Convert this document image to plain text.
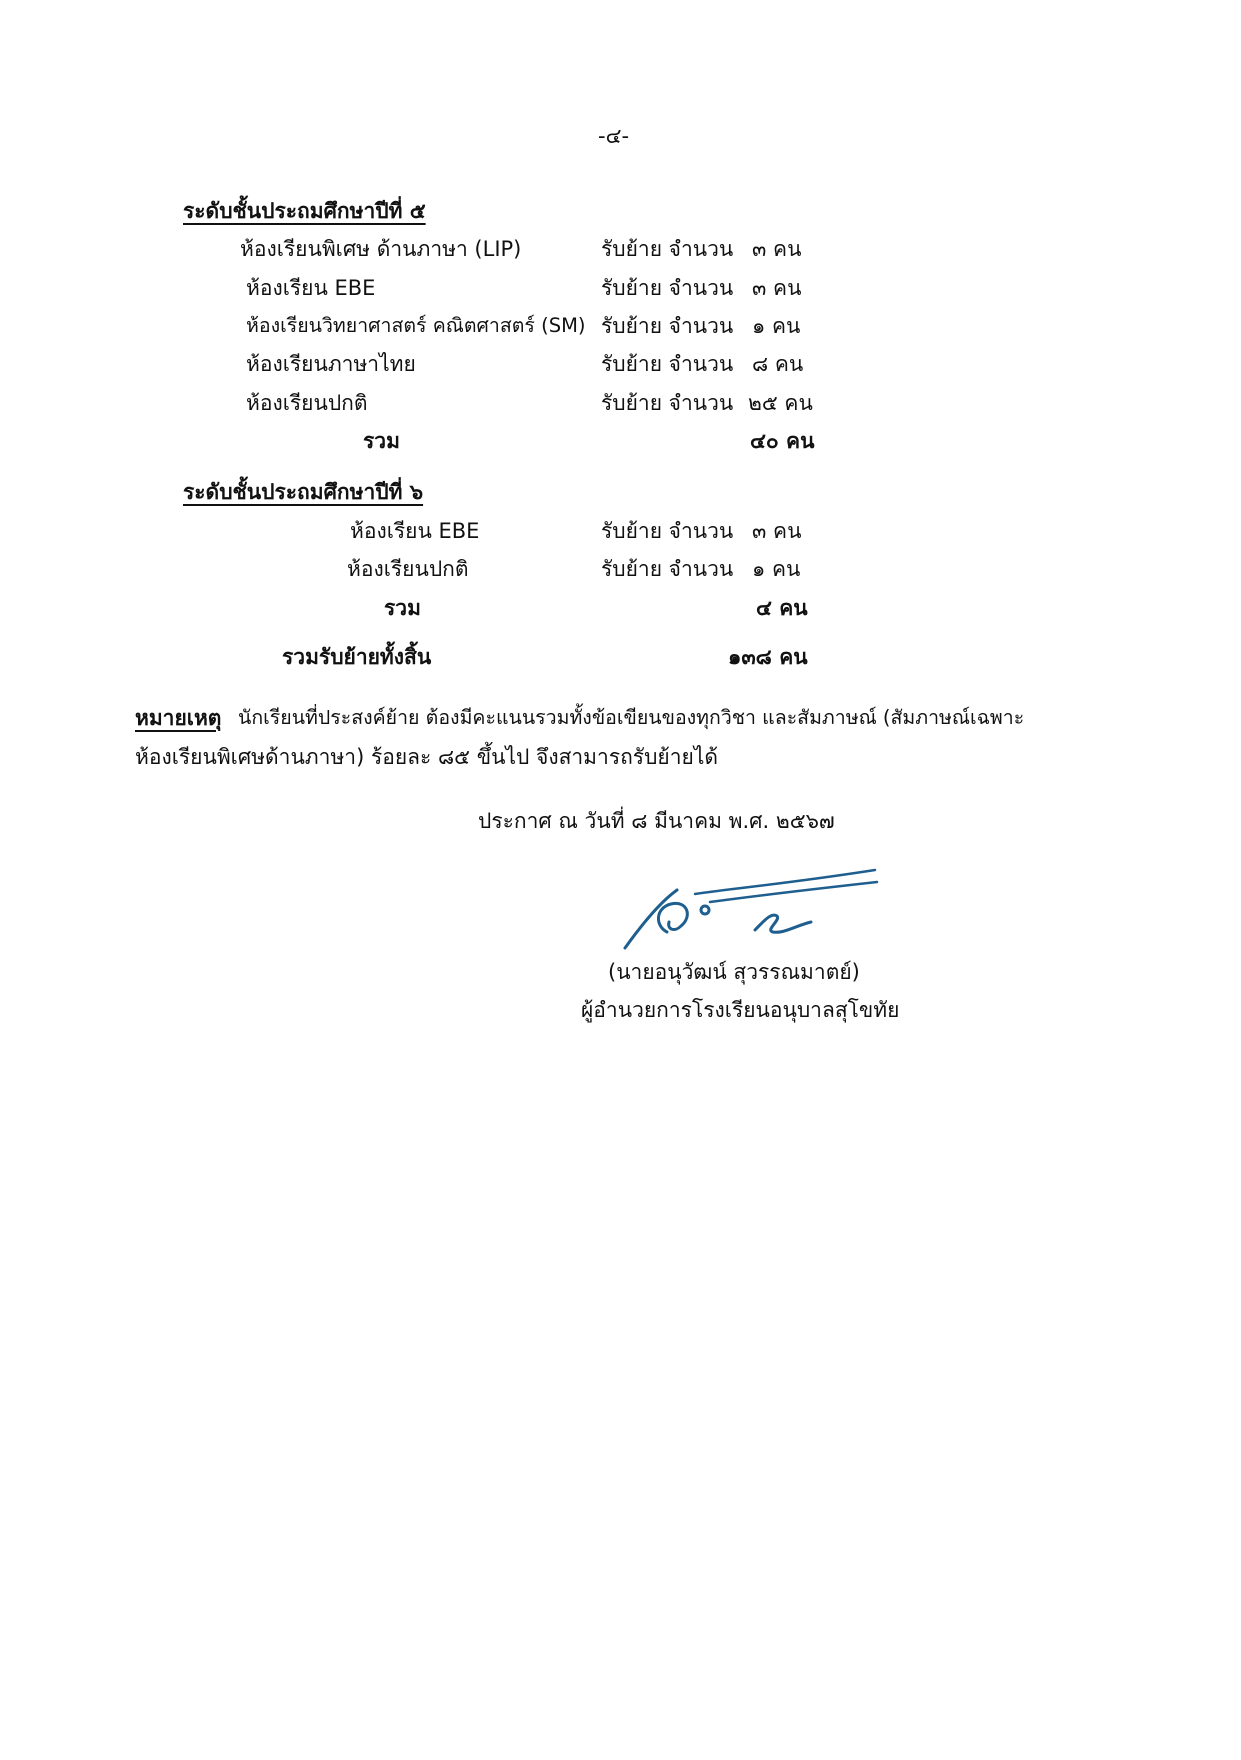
-๔-
ระดับชั้นประถมศึกษาปีที่ ๕
ห้องเรียนพิเศษ ด้านภาษา (LIP)	รับย้าย จำนวน ๓ คน
ห้องเรียน EBE	รับย้าย จำนวน ๓ คน
ห้องเรียนวิทยาศาสตร์ คณิตศาสตร์ (SM) รับย้าย จำนวน ๑ คน
ห้องเรียนภาษาไทย	รับย้าย จำนวน ๘ คน
ห้องเรียนปกติ	รับย้าย จำนวน ๒๕ คน
รวม	๔๐ คน
ระดับชั้นประถมศึกษาปีที่ ๖
ห้องเรียน EBE	รับย้าย จำนวน ๓ คน
ห้องเรียนปกติ	รับย้าย จำนวน ๑ คน
รวม	๔ คน
รวมรับย้ายทั้งสิ้น	๑๓๘ คน
หมายเหตุ นักเรียนที่ประสงค์ย้าย ต้องมีคะแนนรวมทั้งข้อเขียนของทุกวิชา และสัมภาษณ์ (สัมภาษณ์เฉพาะ
ห้องเรียนพิเศษด้านภาษา) ร้อยละ ๘๕ ขึ้นไป จึงสามารถรับย้ายได้
ประกาศ ณ วันที่ ๘ มีนาคม พ.ศ. ๒๕๖๗
(นายอนุวัฒน์ สุวรรณมาตย์)
ผู้อำนวยการโรงเรียนอนุบาลสุโขทัย
